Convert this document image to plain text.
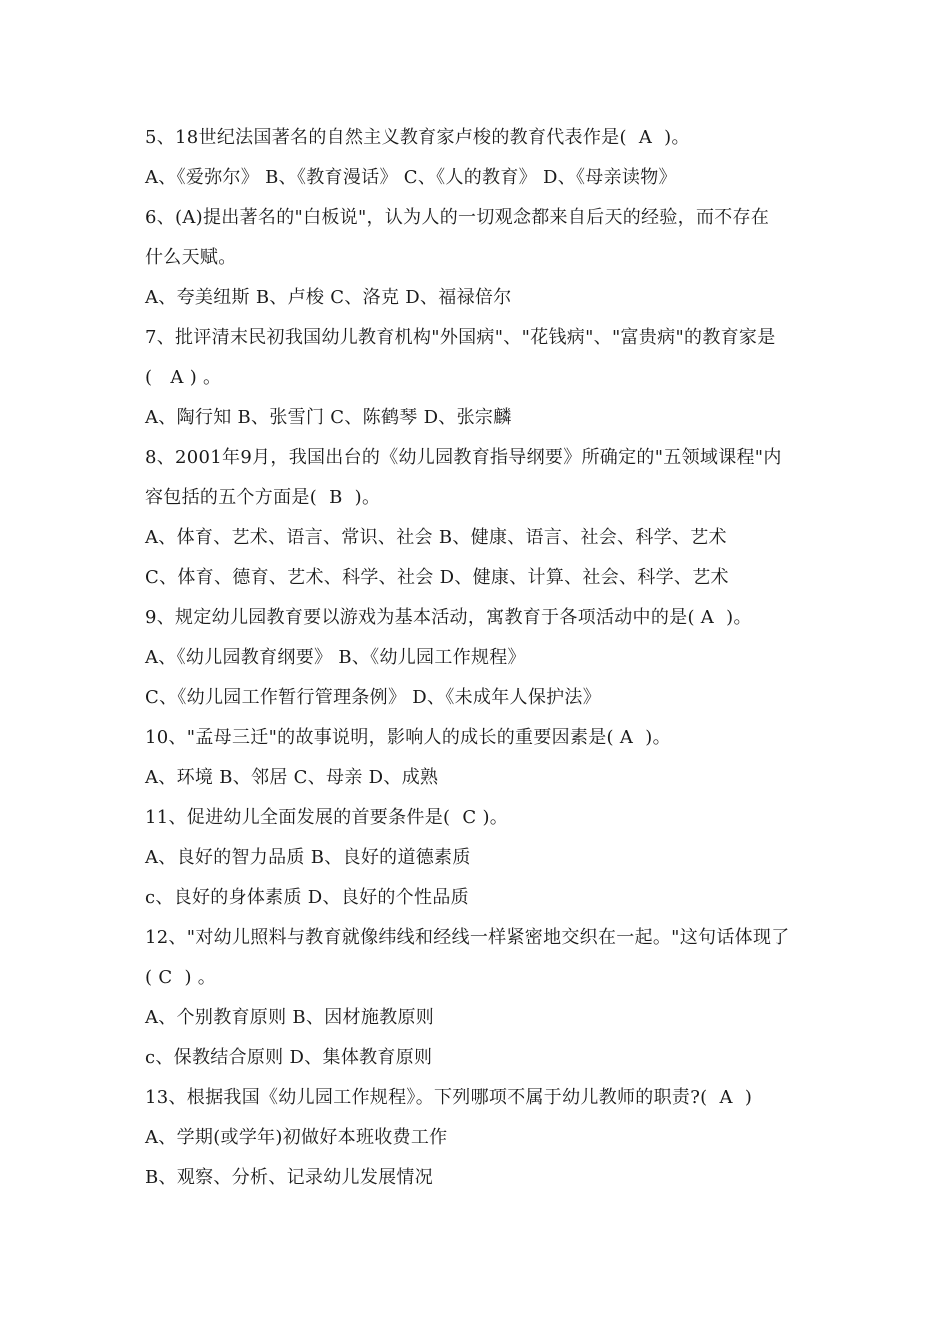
5、18世纪法国著名的自然主义教育家卢梭的教育代表作是(  A  )。
A、《爱弥尔》 B、《教育漫话》 C、《人的教育》 D、《母亲读物》
6、(A)提出著名的"白板说"，认为人的一切观念都来自后天的经验，而不存在
什么天赋。
A、夸美纽斯 B、卢梭 C、洛克 D、福禄倍尔
7、批评清末民初我国幼儿教育机构"外国病"、"花钱病"、"富贵病"的教育家是
(   A ) 。
A、陶行知 B、张雪门 C、陈鹤琴 D、张宗麟
8、2001年9月，我国出台的《幼儿园教育指导纲要》所确定的"五领域课程"内
容包括的五个方面是(  B  )。
A、体育、艺术、语言、常识、社会 B、健康、语言、社会、科学、艺术
C、体育、德育、艺术、科学、社会 D、健康、计算、社会、科学、艺术
9、规定幼儿园教育要以游戏为基本活动，寓教育于各项活动中的是( A  )。
A、《幼儿园教育纲要》 B、《幼儿园工作规程》
C、《幼儿园工作暂行管理条例》 D、《未成年人保护法》
10、"孟母三迁"的故事说明，影响人的成长的重要因素是( A  )。
A、环境 B、邻居 C、母亲 D、成熟
11、促进幼儿全面发展的首要条件是(  C )。
A、良好的智力品质 B、良好的道德素质
c、良好的身体素质 D、良好的个性品质
12、"对幼儿照料与教育就像纬线和经线一样紧密地交织在一起。"这句话体现了
( C  ) 。
A、个别教育原则 B、因材施教原则
c、保教结合原则 D、集体教育原则
13、根据我国《幼儿园工作规程》。下列哪项不属于幼儿教师的职责?(  A  )
A、学期(或学年)初做好本班收费工作
B、观察、分析、记录幼儿发展情况
